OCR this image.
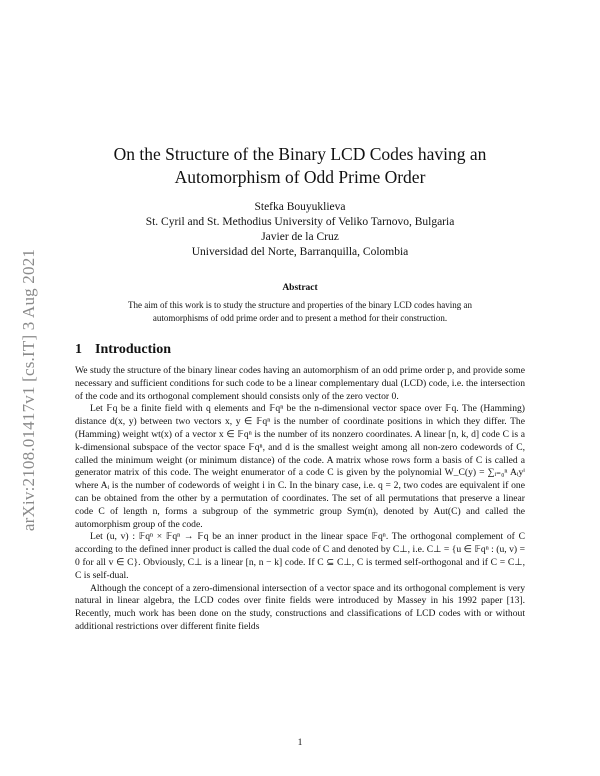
arXiv:2108.01417v1 [cs.IT] 3 Aug 2021
On the Structure of the Binary LCD Codes having an
Automorphism of Odd Prime Order
Stefka Bouyuklieva
St. Cyril and St. Methodius University of Veliko Tarnovo, Bulgaria
Javier de la Cruz
Universidad del Norte, Barranquilla, Colombia
Abstract
The aim of this work is to study the structure and properties of the binary LCD codes having an automorphisms of odd prime order and to present a method for their construction.
1 Introduction

We study the structure of the binary linear codes having an automorphism of an odd prime order p, and provide some necessary and sufficient conditions for such code to be a linear complementary dual (LCD) code, i.e. the intersection of the code and its orthogonal complement should consists only of the zero vector 0.

Let 𝔽q be a finite field with q elements and 𝔽qⁿ be the n-dimensional vector space over 𝔽q. The (Hamming) distance d(x, y) between two vectors x, y ∈ 𝔽qⁿ is the number of coordinate positions in which they differ. The (Hamming) weight wt(x) of a vector x ∈ 𝔽qⁿ is the number of its nonzero coordinates. A linear [n, k, d] code C is a k-dimensional subspace of the vector space 𝔽qⁿ, and d is the smallest weight among all non-zero codewords of C, called the minimum weight (or minimum distance) of the code. A matrix whose rows form a basis of C is called a generator matrix of this code. The weight enumerator of a code C is given by the polynomial W_C(y) = ∑ᵢ₌₀ⁿ Aᵢyⁱ where Aᵢ is the number of codewords of weight i in C. In the binary case, i.e. q = 2, two codes are equivalent if one can be obtained from the other by a permutation of coordinates. The set of all permutations that preserve a linear code C of length n, forms a subgroup of the symmetric group Sym(n), denoted by Aut(C) and called the automorphism group of the code.

Let (u, v) : 𝔽qⁿ × 𝔽qⁿ → 𝔽q be an inner product in the linear space 𝔽qⁿ. The orthogonal complement of C according to the defined inner product is called the dual code of C and denoted by C⊥, i.e. C⊥ = {u ∈ 𝔽qⁿ : (u, v) = 0 for all v ∈ C}. Obviously, C⊥ is a linear [n, n − k] code. If C ⊆ C⊥, C is termed self-orthogonal and if C = C⊥, C is self-dual.

Although the concept of a zero-dimensional intersection of a vector space and its orthogonal complement is very natural in linear algebra, the LCD codes over finite fields were introduced by Massey in his 1992 paper [13]. Recently, much work has been done on the study, constructions and classifications of LCD codes with or without additional restrictions over different finite fields

1
